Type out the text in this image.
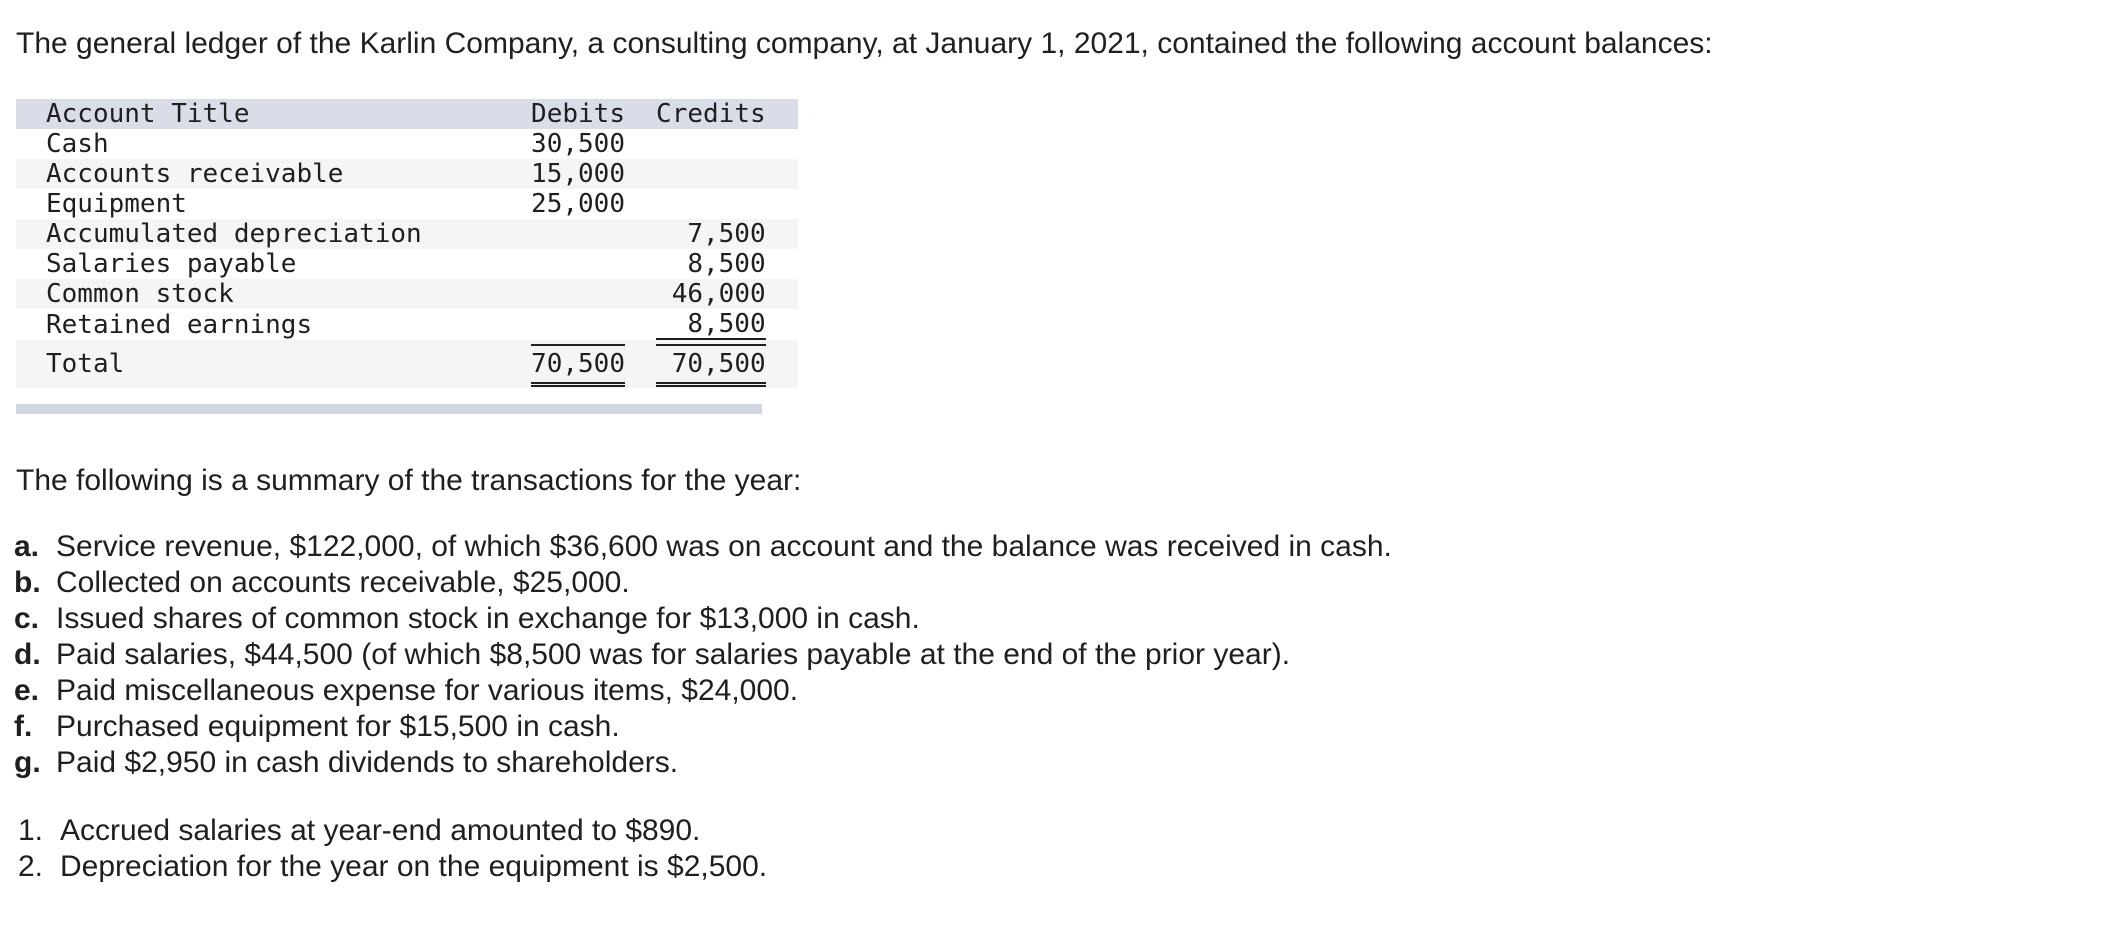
The general ledger of the Karlin Company, a consulting company, at January 1, 2021, contained the following account balances:

Account Title	Debits	Credits	
Cash	30,500		
Accounts receivable	15,000		
Equipment	25,000		
Accumulated depreciation		7,500	
Salaries payable		8,500	
Common stock		46,000	
Retained earnings		8,500	
Total	70,500	70,500	

The following is a summary of the transactions for the year:

a. Service revenue, $122,000, of which $36,600 was on account and the balance was received in cash.
b. Collected on accounts receivable, $25,000.
c. Issued shares of common stock in exchange for $13,000 in cash.
d. Paid salaries, $44,500 (of which $8,500 was for salaries payable at the end of the prior year).
e. Paid miscellaneous expense for various items, $24,000.
f. Purchased equipment for $15,500 in cash.
g. Paid $2,950 in cash dividends to shareholders.
1. Accrued salaries at year-end amounted to $890.
2. Depreciation for the year on the equipment is $2,500.
